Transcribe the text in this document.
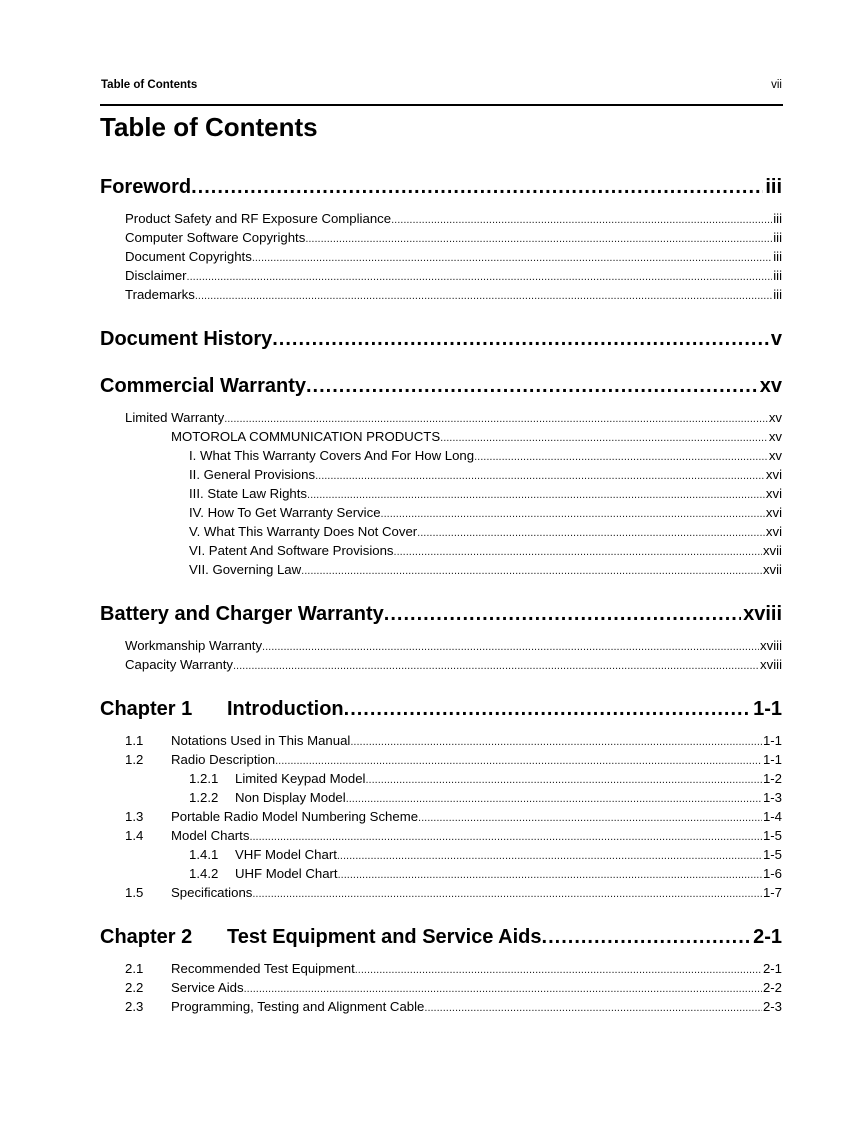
Table of Contents	vii
Table of Contents
Foreword .....	iii
Product Safety and RF Exposure Compliance .....	iii
Computer Software Copyrights .....	iii
Document Copyrights .....	iii
Disclaimer .....	iii
Trademarks .....	iii
Document History .....	v
Commercial Warranty .....	xv
Limited Warranty .....	xv
MOTOROLA COMMUNICATION PRODUCTS .....	xv
I. What This Warranty Covers And For How Long .....	xv
II. General Provisions .....	xvi
III. State Law Rights .....	xvi
IV. How To Get Warranty Service .....	xvi
V. What This Warranty Does Not Cover .....	xvi
VI. Patent And Software Provisions .....	xvii
VII. Governing Law .....	xvii
Battery and Charger Warranty .....	xviii
Workmanship Warranty .....	xviii
Capacity Warranty .....	xviii
Chapter 1	Introduction .....	1-1
1.1	Notations Used in This Manual .....	1-1
1.2	Radio Description .....	1-1
1.2.1	Limited Keypad Model .....	1-2
1.2.2	Non Display Model .....	1-3
1.3	Portable Radio Model Numbering Scheme .....	1-4
1.4	Model Charts .....	1-5
1.4.1	VHF Model Chart .....	1-5
1.4.2	UHF Model Chart .....	1-6
1.5	Specifications .....	1-7
Chapter 2	Test Equipment and Service Aids .....	2-1
2.1	Recommended Test Equipment .....	2-1
2.2	Service Aids .....	2-2
2.3	Programming, Testing and Alignment Cable .....	2-3
